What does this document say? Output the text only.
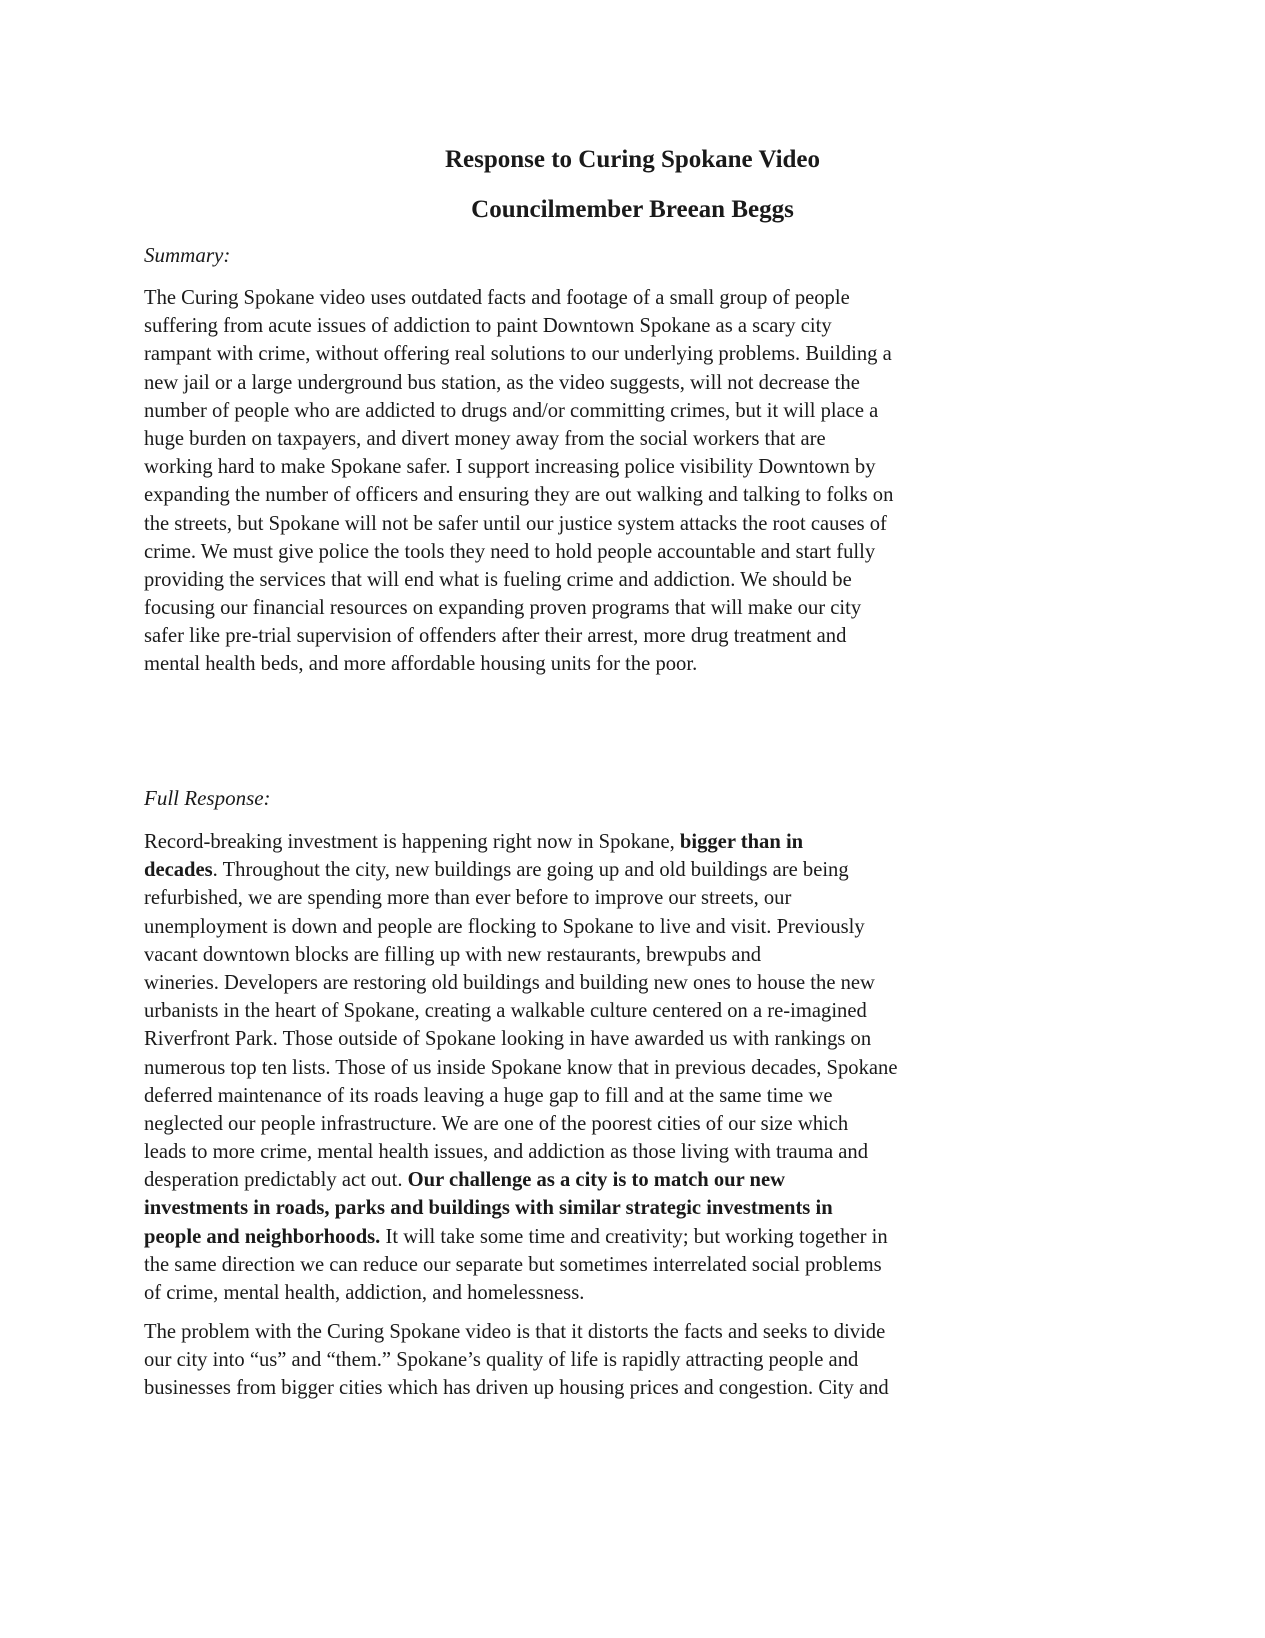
Response to Curing Spokane Video
Councilmember Breean Beggs
Summary:
The Curing Spokane video uses outdated facts and footage of a small group of people
suffering from acute issues of addiction to paint Downtown Spokane as a scary city
rampant with crime, without offering real solutions to our underlying problems. Building a
new jail or a large underground bus station, as the video suggests, will not decrease the
number of people who are addicted to drugs and/or committing crimes, but it will place a
huge burden on taxpayers, and divert money away from the social workers that are
working hard to make Spokane safer. I support increasing police visibility Downtown by
expanding the number of officers and ensuring they are out walking and talking to folks on
the streets, but Spokane will not be safer until our justice system attacks the root causes of
crime. We must give police the tools they need to hold people accountable and start fully
providing the services that will end what is fueling crime and addiction. We should be
focusing our financial resources on expanding proven programs that will make our city
safer like pre-trial supervision of offenders after their arrest, more drug treatment and
mental health beds, and more affordable housing units for the poor.
Full Response:
Record-breaking investment is happening right now in Spokane, bigger than in
decades. Throughout the city, new buildings are going up and old buildings are being
refurbished, we are spending more than ever before to improve our streets, our
unemployment is down and people are flocking to Spokane to live and visit. Previously
vacant downtown blocks are filling up with new restaurants, brewpubs and
wineries. Developers are restoring old buildings and building new ones to house the new
urbanists in the heart of Spokane, creating a walkable culture centered on a re-imagined
Riverfront Park. Those outside of Spokane looking in have awarded us with rankings on
numerous top ten lists. Those of us inside Spokane know that in previous decades, Spokane
deferred maintenance of its roads leaving a huge gap to fill and at the same time we
neglected our people infrastructure. We are one of the poorest cities of our size which
leads to more crime, mental health issues, and addiction as those living with trauma and
desperation predictably act out. Our challenge as a city is to match our new
investments in roads, parks and buildings with similar strategic investments in
people and neighborhoods. It will take some time and creativity; but working together in
the same direction we can reduce our separate but sometimes interrelated social problems
of crime, mental health, addiction, and homelessness.
The problem with the Curing Spokane video is that it distorts the facts and seeks to divide
our city into “us” and “them.” Spokane’s quality of life is rapidly attracting people and
businesses from bigger cities which has driven up housing prices and congestion. City and
